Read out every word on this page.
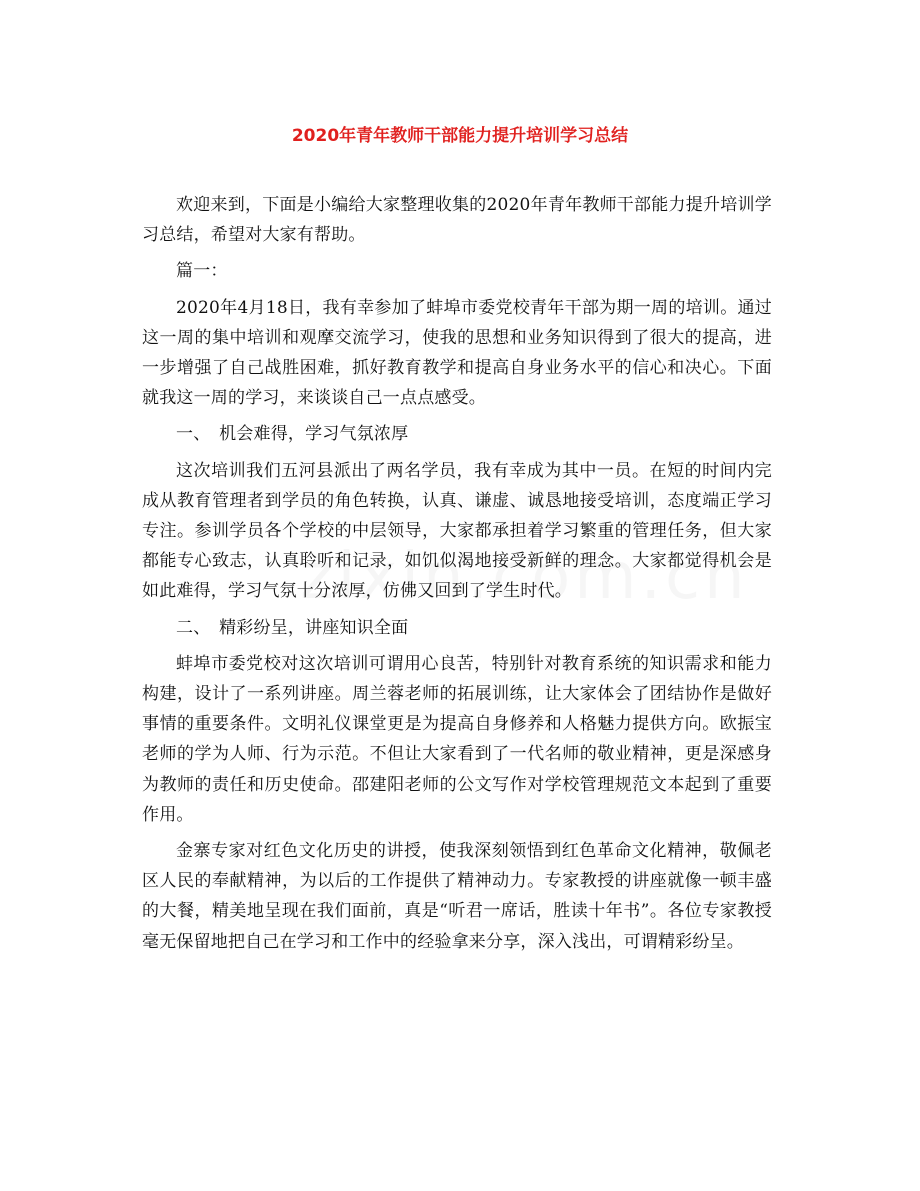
2020年青年教师干部能力提升培训学习总结

欢迎来到，下面是小编给大家整理收集的2020年青年教师干部能力提升培训学习总结，希望对大家有帮助。

篇一：

2020年4月18日，我有幸参加了蚌埠市委党校青年干部为期一周的培训。通过这一周的集中培训和观摩交流学习，使我的思想和业务知识得到了很大的提高，进一步增强了自己战胜困难，抓好教育教学和提高自身业务水平的信心和决心。下面就我这一周的学习，来谈谈自己一点点感受。

一、　机会难得，学习气氛浓厚

这次培训我们五河县派出了两名学员，我有幸成为其中一员。在短的时间内完成从教育管理者到学员的角色转换，认真、谦虚、诚恳地接受培训，态度端正学习专注。参训学员各个学校的中层领导，大家都承担着学习繁重的管理任务，但大家都能专心致志，认真聆听和记录，如饥似渴地接受新鲜的理念。大家都觉得机会是如此难得，学习气氛十分浓厚，仿佛又回到了学生时代。

二、　精彩纷呈，讲座知识全面

蚌埠市委党校对这次培训可谓用心良苦，特别针对教育系统的知识需求和能力构建，设计了一系列讲座。周兰蓉老师的拓展训练，让大家体会了团结协作是做好事情的重要条件。文明礼仪课堂更是为提高自身修养和人格魅力提供方向。欧振宝老师的学为人师、行为示范。不但让大家看到了一代名师的敬业精神，更是深感身为教师的责任和历史使命。邵建阳老师的公文写作对学校管理规范文本起到了重要作用。

金寨专家对红色文化历史的讲授，使我深刻领悟到红色革命文化精神，敬佩老区人民的奉献精神，为以后的工作提供了精神动力。专家教授的讲座就像一顿丰盛的大餐，精美地呈现在我们面前，真是“听君一席话，胜读十年书”。各位专家教授毫无保留地把自己在学习和工作中的经验拿来分享，深入浅出，可谓精彩纷呈。
